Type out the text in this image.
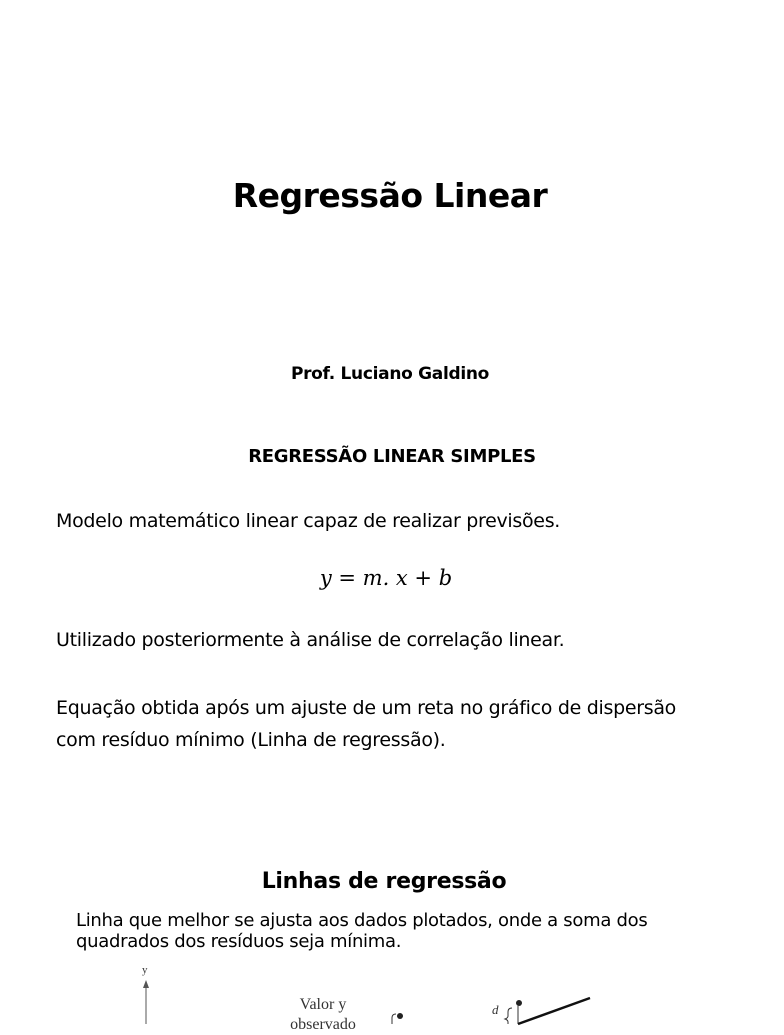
Regressão Linear
Prof. Luciano Galdino
REGRESSÃO LINEAR SIMPLES
Modelo matemático linear capaz de realizar previsões.
y = m. x + b
Utilizado posteriormente à análise de correlação linear.
Equação obtida após um ajuste de um reta no gráfico de dispersão com resíduo mínimo (Linha de regressão).
Linhas de regressão
Linha que melhor se ajusta aos dados plotados, onde a soma dos quadrados dos resíduos seja mínima.
y
Valor y observado
d
